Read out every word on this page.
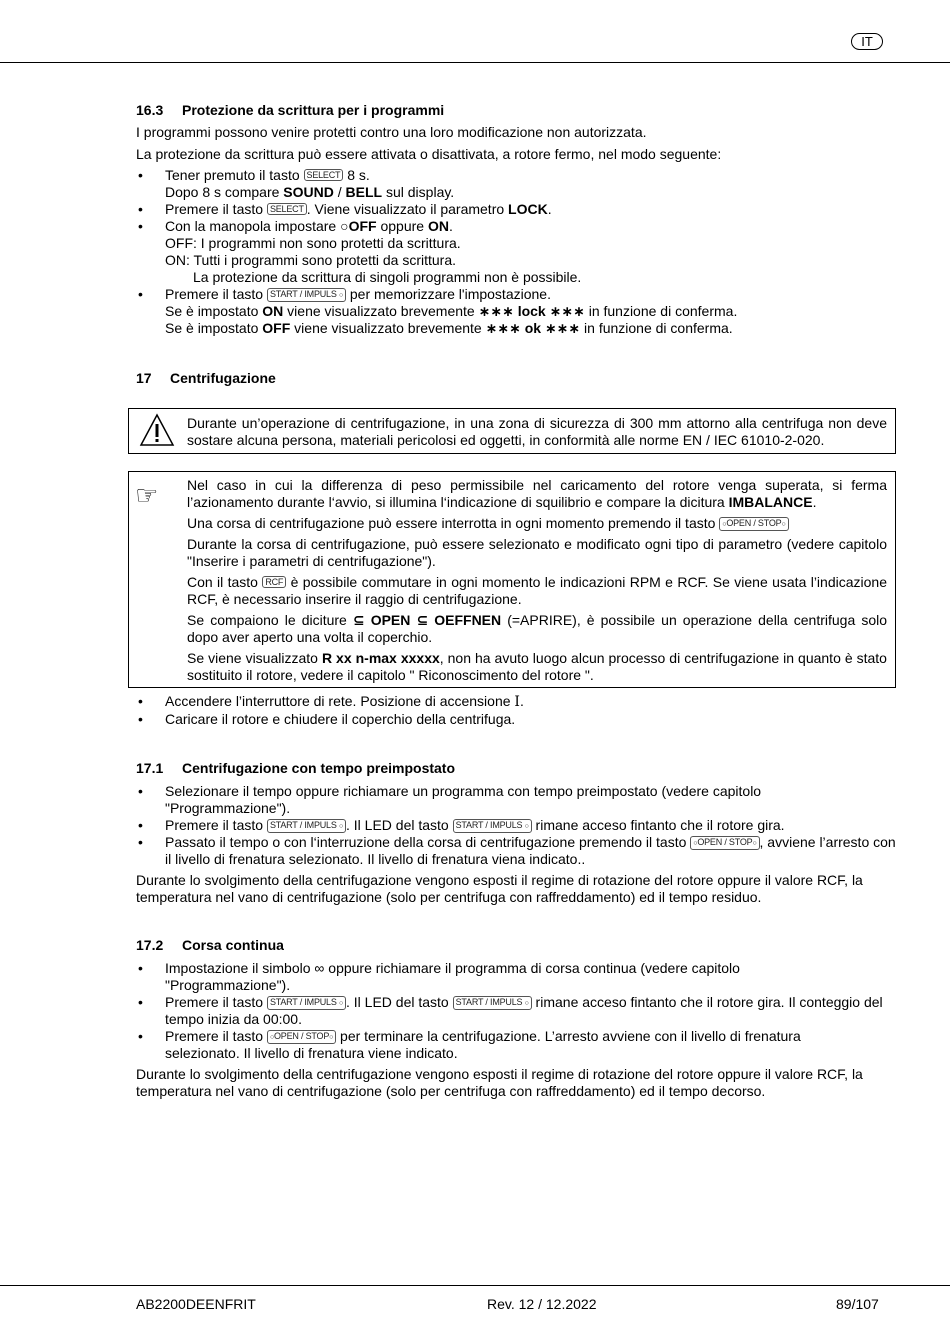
IT
16.3 Protezione da scrittura per i programmi

I programmi possono venire protetti contro una loro modificazione non autorizzata.

La protezione da scrittura può essere attivata o disattivata, a rotore fermo, nel modo seguente:

• Tener premuto il tasto SELECT 8 s.
Dopo 8 s compare SOUND / BELL sul display.
• Premere il tasto SELECT . Viene visualizzato il parametro LOCK.
• Con la manopola impostare ○OFF oppure ON.
OFF: I programmi non sono protetti da scrittura.
ON: Tutti i programmi sono protetti da scrittura.
La protezione da scrittura di singoli programmi non è possibile.
• Premere il tasto START / IMPULS ○ per memorizzare l'impostazione.
Se è impostato ON viene visualizzato brevemente ∗∗∗ lock ∗∗∗ in funzione di conferma.
Se è impostato OFF viene visualizzato brevemente ∗∗∗ ok ∗∗∗ in funzione di conferma.
17 Centrifugazione

Durante un’operazione di centrifugazione, in una zona di sicurezza di 300 mm attorno alla centrifuga non deve sostare alcuna persona, materiali pericolosi ed oggetti, in conformità alle norme EN / IEC 61010-2-020.

☞ Nel caso in cui la differenza di peso permissibile nel caricamento del rotore venga superata, si ferma l’azionamento durante l‘avvio, si illumina l‘indicazione di squilibrio e compare la dicitura IMBALANCE.

Una corsa di centrifugazione può essere interrotta in ogni momento premendo il tasto ○OPEN / STOP○

Durante la corsa di centrifugazione, può essere selezionato e modificato ogni tipo di parametro (vedere capitolo "Inserire i parametri di centrifugazione").

Con il tasto RCF è possibile commutare in ogni momento le indicazioni RPM e RCF. Se viene usata l’indicazione RCF, è necessario inserire il raggio di centrifugazione.

Se compaiono le diciture ⊆ OPEN ⊆ OEFFNEN (=APRIRE), è possibile un operazione della centrifuga solo dopo aver aperto una volta il coperchio.

Se viene visualizzato R xx n-max xxxxx, non ha avuto luogo alcun processo di centrifugazione in quanto è stato sostituito il rotore, vedere il capitolo " Riconoscimento del rotore ".

• Accendere l’interruttore di rete. Posizione di accensione I.
• Caricare il rotore e chiudere il coperchio della centrifuga.
17.1 Centrifugazione con tempo preimpostato
• Selezionare il tempo oppure richiamare un programma con tempo preimpostato (vedere capitolo "Programmazione").
• Premere il tasto START / IMPULS ○ . Il LED del tasto START / IMPULS ○ rimane acceso fintanto che il rotore gira.
• Passato il tempo o con l‘interruzione della corsa di centrifugazione premendo il tasto ○OPEN / STOP○ , avviene l’arresto con il livello di frenatura selezionato. Il livello di frenatura viena indicato..

Durante lo svolgimento della centrifugazione vengono esposti il regime di rotazione del rotore oppure il valore RCF, la temperatura nel vano di centrifugazione (solo per centrifuga con raffreddamento) ed il tempo residuo.

17.2 Corsa continua
• Impostazione il simbolo ∞ oppure richiamare il programma di corsa continua (vedere capitolo "Programmazione").
• Premere il tasto START / IMPULS ○ . Il LED del tasto START / IMPULS ○ rimane acceso fintanto che il rotore gira. Il conteggio del tempo inizia da 00:00.
• Premere il tasto ○OPEN / STOP○ per terminare la centrifugazione. L’arresto avviene con il livello di frenatura selezionato. Il livello di frenatura viene indicato.

Durante lo svolgimento della centrifugazione vengono esposti il regime di rotazione del rotore oppure il valore RCF, la temperatura nel vano di centrifugazione (solo per centrifuga con raffreddamento) ed il tempo decorso.

AB2200DEENFRIT	Rev. 12 / 12.2022	89/107
